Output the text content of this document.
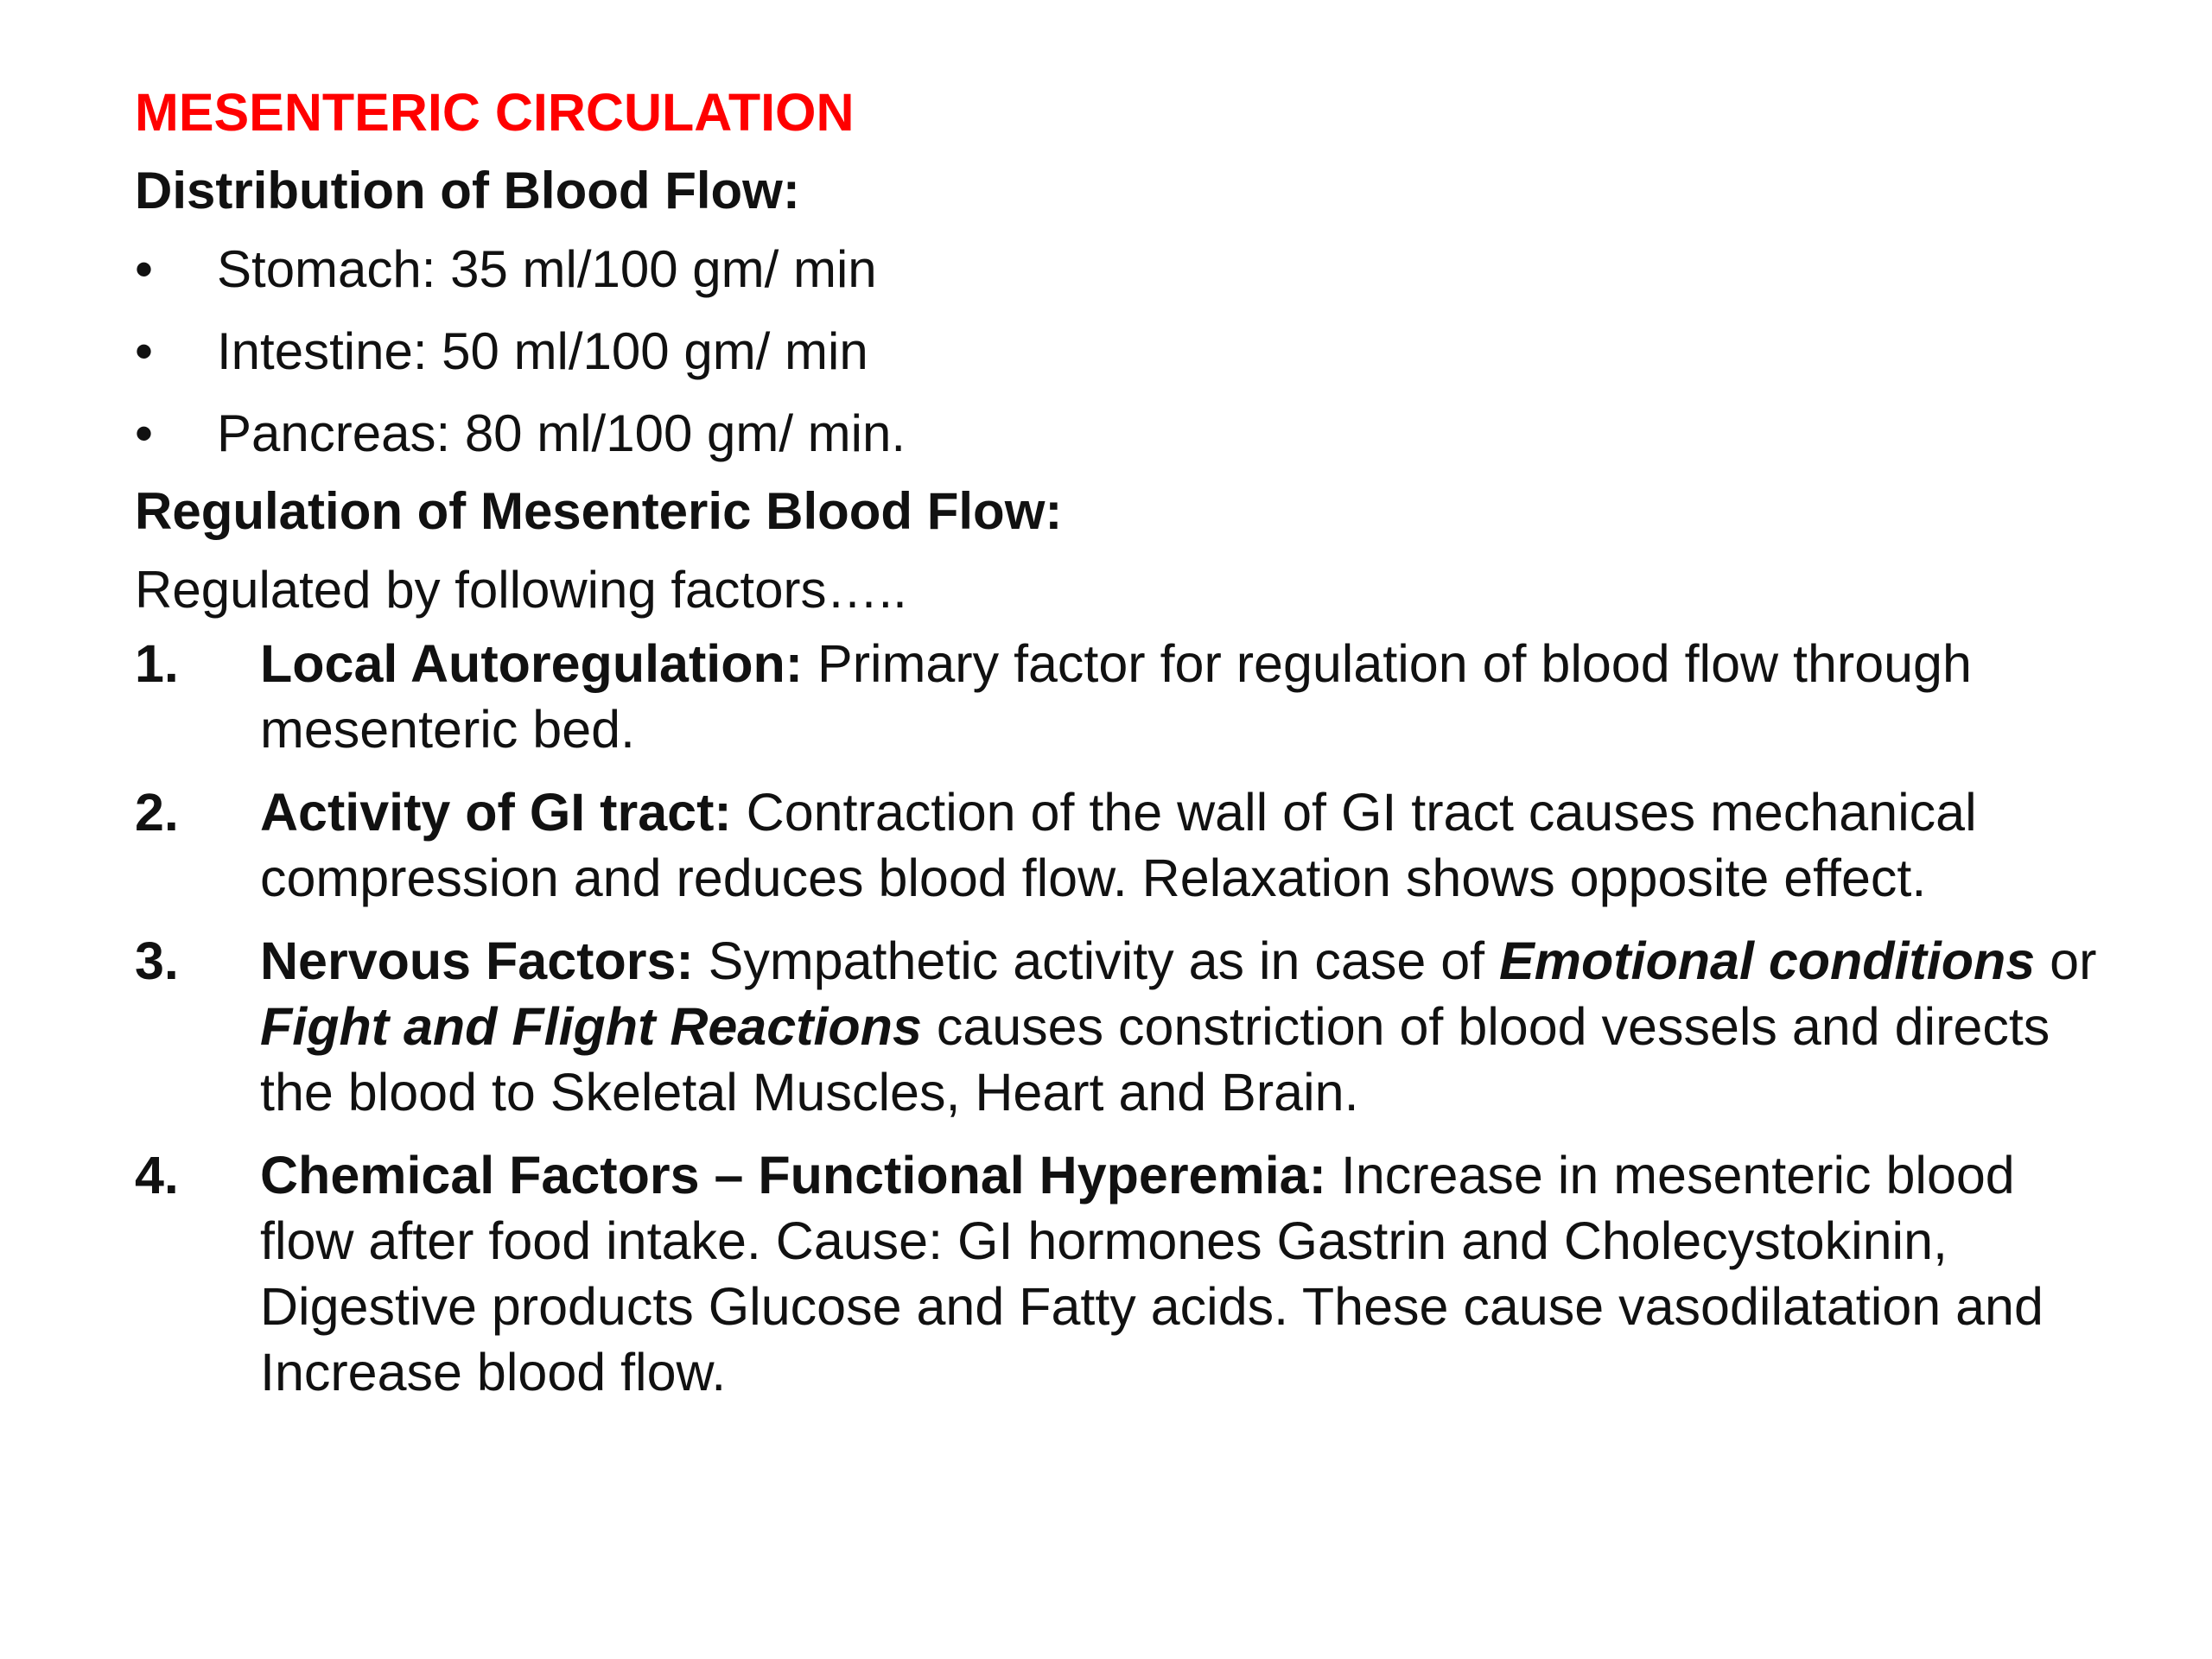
MESENTERIC CIRCULATION
Distribution of Blood Flow:
•	Stomach: 35 ml/100 gm/ min
•	Intestine: 50 ml/100 gm/ min
•	Pancreas: 80 ml/100 gm/ min.
Regulation of Mesenteric Blood Flow:

Regulated by following factors…..

1. Local Autoregulation: Primary factor for regulation of blood flow through mesenteric bed.
2. Activity of GI tract: Contraction of the wall of GI tract causes mechanical compression and reduces blood flow. Relaxation shows opposite effect.
3. Nervous Factors: Sympathetic activity as in case of Emotional conditions or Fight and Flight Reactions causes constriction of blood vessels and directs the blood to Skeletal Muscles, Heart and Brain.
4. Chemical Factors – Functional Hyperemia: Increase in mesenteric blood flow after food intake. Cause: GI hormones Gastrin and Cholecystokinin, Digestive products Glucose and Fatty acids. These cause vasodilatation and Increase blood flow.
